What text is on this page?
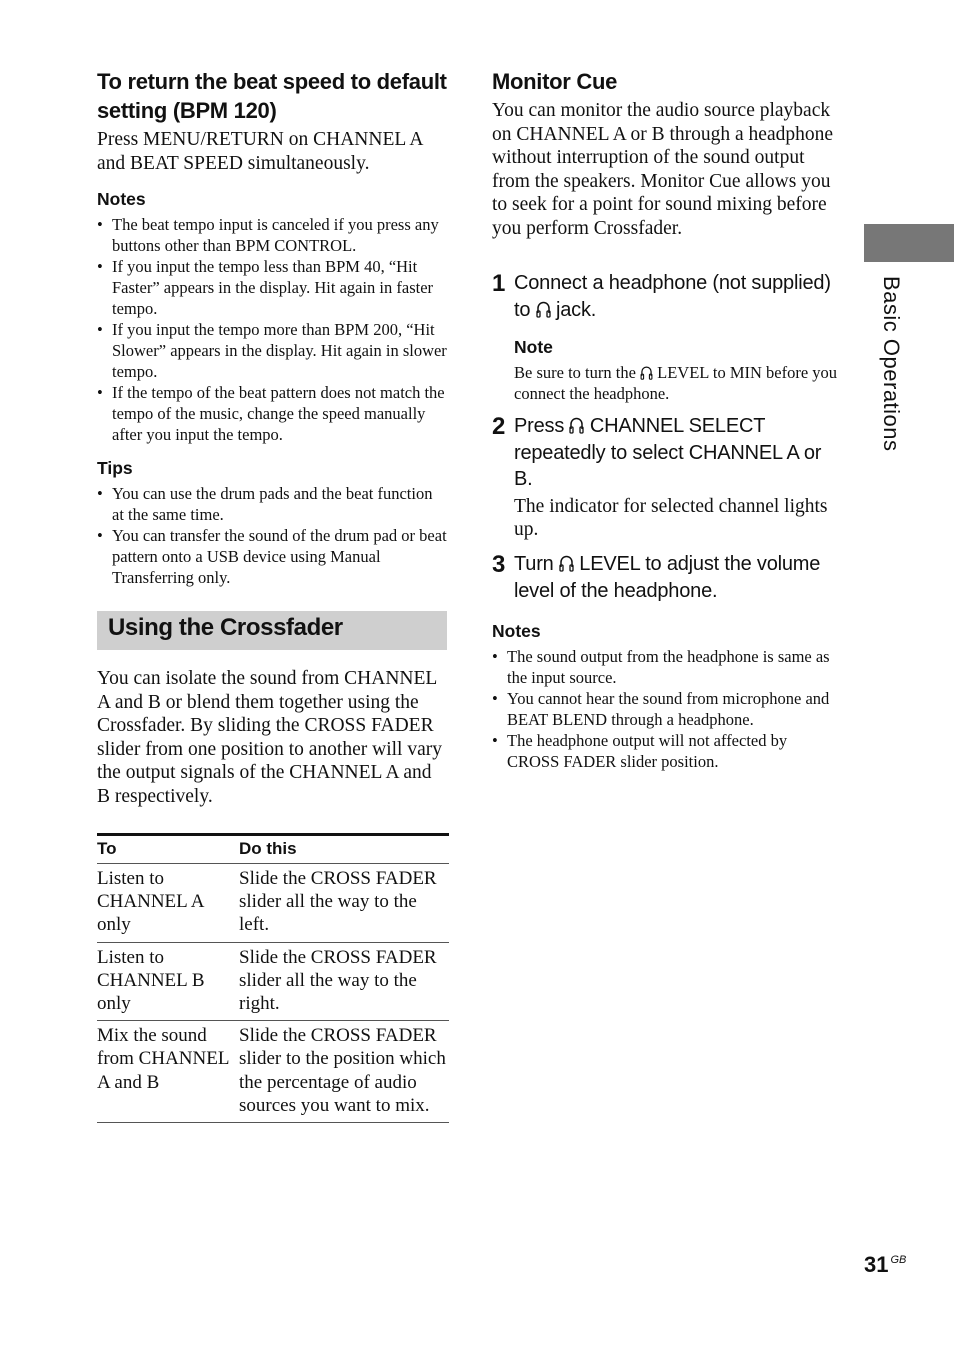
To return the beat speed to default setting (BPM 120)

Press MENU/RETURN on CHANNEL A and BEAT SPEED simultaneously.

Notes
• The beat tempo input is canceled if you press any buttons other than BPM CONTROL.
• If you input the tempo less than BPM 40, “Hit Faster” appears in the display. Hit again in faster tempo.
• If you input the tempo more than BPM 200, “Hit Slower” appears in the display. Hit again in slower tempo.
• If the tempo of the beat pattern does not match the tempo of the music, change the speed manually after you input the tempo.
Tips
• You can use the drum pads and the beat function at the same time.
• You can transfer the sound of the drum pad or beat pattern onto a USB device using Manual Transferring only.
Using the Crossfader

You can isolate the sound from CHANNEL A and B or blend them together using the Crossfader. By sliding the CROSS FADER slider from one position to another will vary the output signals of the CHANNEL A and B respectively.

To	Do this
Listen to CHANNEL A only	Slide the CROSS FADER slider all the way to the left.
Listen to CHANNEL B only	Slide the CROSS FADER slider all the way to the right.
Mix the sound from CHANNEL A and B	Slide the CROSS FADER slider to the position which the percentage of audio sources you want to mix.
Monitor Cue

You can monitor the audio source playback on CHANNEL A or B through a headphone without interruption of the sound output from the speakers. Monitor Cue allows you to seek for a point for sound mixing before you perform Crossfader.

1 Connect a headphone (not supplied) to  jack.
Note
Be sure to turn the  LEVEL to MIN before you connect the headphone.
2 Press  CHANNEL SELECT repeatedly to select CHANNEL A or B.
The indicator for selected channel lights up.
3 Turn  LEVEL to adjust the volume level of the headphone.
Notes
• The sound output from the headphone is same as the input source.
• You cannot hear the sound from microphone and BEAT BLEND through a headphone.
• The headphone output will not affected by CROSS FADER slider position.
Basic Operations
31 $^{GB}$
